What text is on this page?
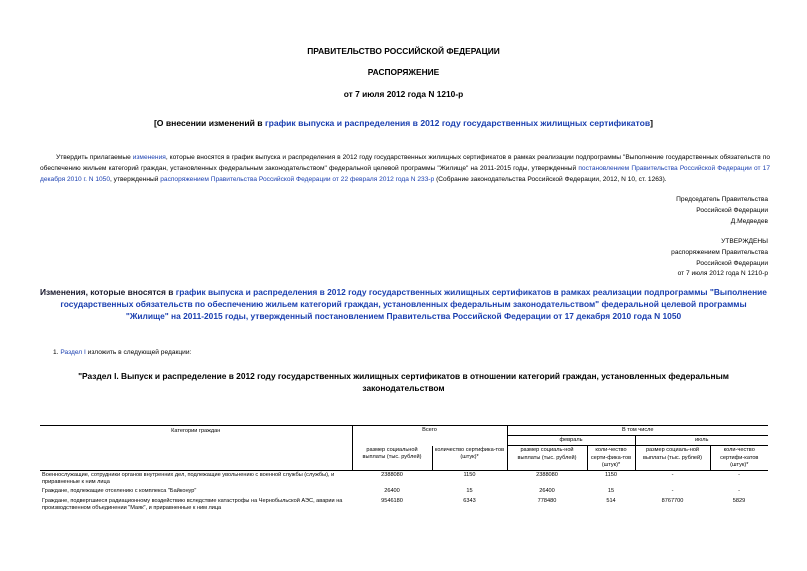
ПРАВИТЕЛЬСТВО РОССИЙСКОЙ ФЕДЕРАЦИИ
РАСПОРЯЖЕНИЕ
от 7 июля 2012 года N 1210-р
[О внесении изменений в график выпуска и распределения в 2012 году государственных жилищных сертификатов]
Утвердить прилагаемые изменения, которые вносятся в график выпуска и распределения в 2012 году государственных жилищных сертификатов в рамках реализации подпрограммы "Выполнение государственных обязательств по обеспечению жильем категорий граждан, установленных федеральным законодательством" федеральной целевой программы "Жилище" на 2011-2015 годы, утвержденный постановлением Правительства Российской Федерации от 17 декабря 2010 г. N 1050, утвержденный распоряжением Правительства Российской Федерации от 22 февраля 2012 года N 233-р (Собрание законодательства Российской Федерации, 2012, N 10, ст. 1263).
Председатель Правительства
Российской Федерации
Д.Медведев
УТВЕРЖДЕНЫ
распоряжением Правительства
Российской Федерации
от 7 июля 2012 года N 1210-р
Изменения, которые вносятся в график выпуска и распределения в 2012 году государственных жилищных сертификатов в рамках реализации подпрограммы "Выполнение государственных обязательств по обеспечению жильем категорий граждан, установленных федеральным законодательством" федеральной целевой программы "Жилище" на 2011-2015 годы, утвержденный постановлением Правительства Российской Федерации от 17 декабря 2010 года N 1050
1. Раздел I изложить в следующей редакции:
"Раздел I. Выпуск и распределение в 2012 году государственных жилищных сертификатов в отношении категорий граждан, установленных федеральным законодательством
Категории граждан	Всего		В том числе			
			февраль		июль	
	размер социальной выплаты (тыс. рублей)	количество сертифика-тов (штук)*	размер социаль-ной выплаты (тыс. рублей)	коли-чество серти-фика-тов (штук)*	размер социаль-ной выплаты (тыс. рублей)	коли-чество сертифи-катов (штук)*
Военнослужащие, сотрудники органов внутренних дел, подлежащие увольнению с военной службы (службы), и приравненные к ним лица	2388080	1150	2388080	1150	-	-
Граждане, подлежащие отселению с комплекса "Байконур"	26400	15	26400	15	-	-
Граждане, подвергшиеся радиационному воздействию вследствие катастрофы на Чернобыльской АЭС, аварии на производственном объединении "Маяк", и приравненные к ним лица	9546180	6343	778480	514	8767700	5829
